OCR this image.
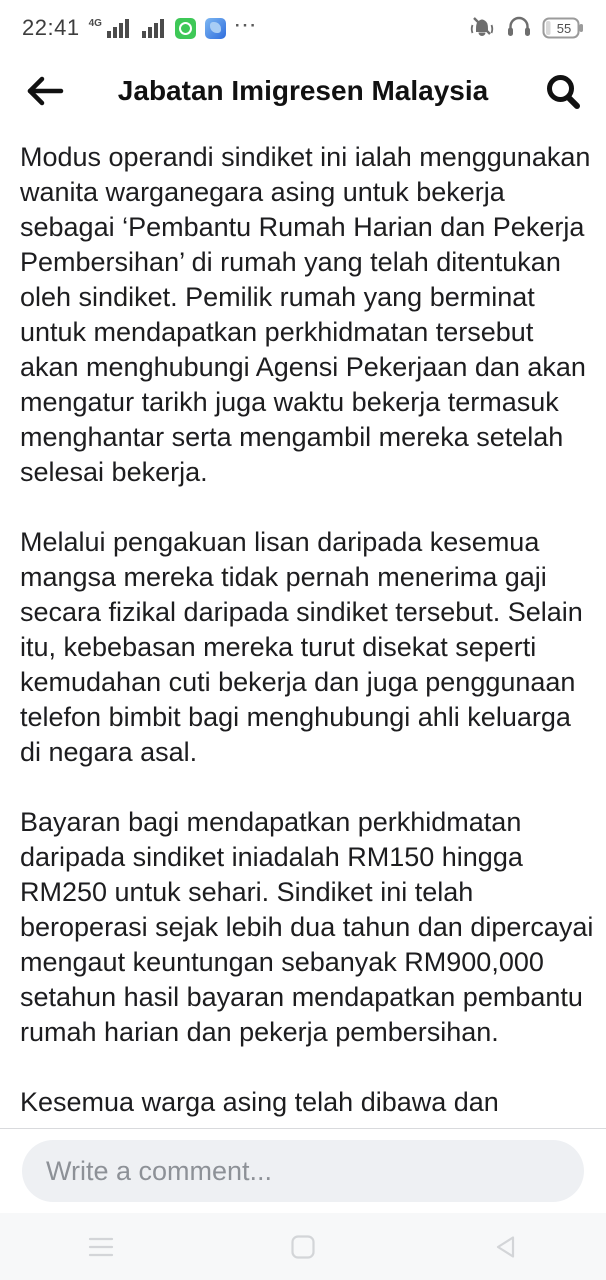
22:41 4G	···	55
Jabatan Imigresen Malaysia

Modus operandi sindiket ini ialah menggunakan wanita warganegara asing untuk bekerja sebagai ‘Pembantu Rumah Harian dan Pekerja Pembersihan’ di rumah yang telah ditentukan oleh sindiket. Pemilik rumah yang berminat untuk mendapatkan perkhidmatan tersebut akan menghubungi Agensi Pekerjaan dan akan mengatur tarikh juga waktu bekerja termasuk menghantar serta mengambil mereka setelah selesai bekerja.

Melalui pengakuan lisan daripada kesemua mangsa mereka tidak pernah menerima gaji secara fizikal daripada sindiket tersebut. Selain itu, kebebasan mereka turut disekat seperti kemudahan cuti bekerja dan juga penggunaan telefon bimbit bagi menghubungi ahli keluarga di negara asal.

Bayaran bagi mendapatkan perkhidmatan daripada sindiket iniadalah RM150 hingga RM250 untuk sehari. Sindiket ini telah beroperasi sejak lebih dua tahun dan dipercayai mengaut keuntungan sebanyak RM900,000 setahun hasil bayaran mendapatkan pembantu rumah harian dan pekerja pembersihan.

Kesemua warga asing telah dibawa dan

Write a comment...
